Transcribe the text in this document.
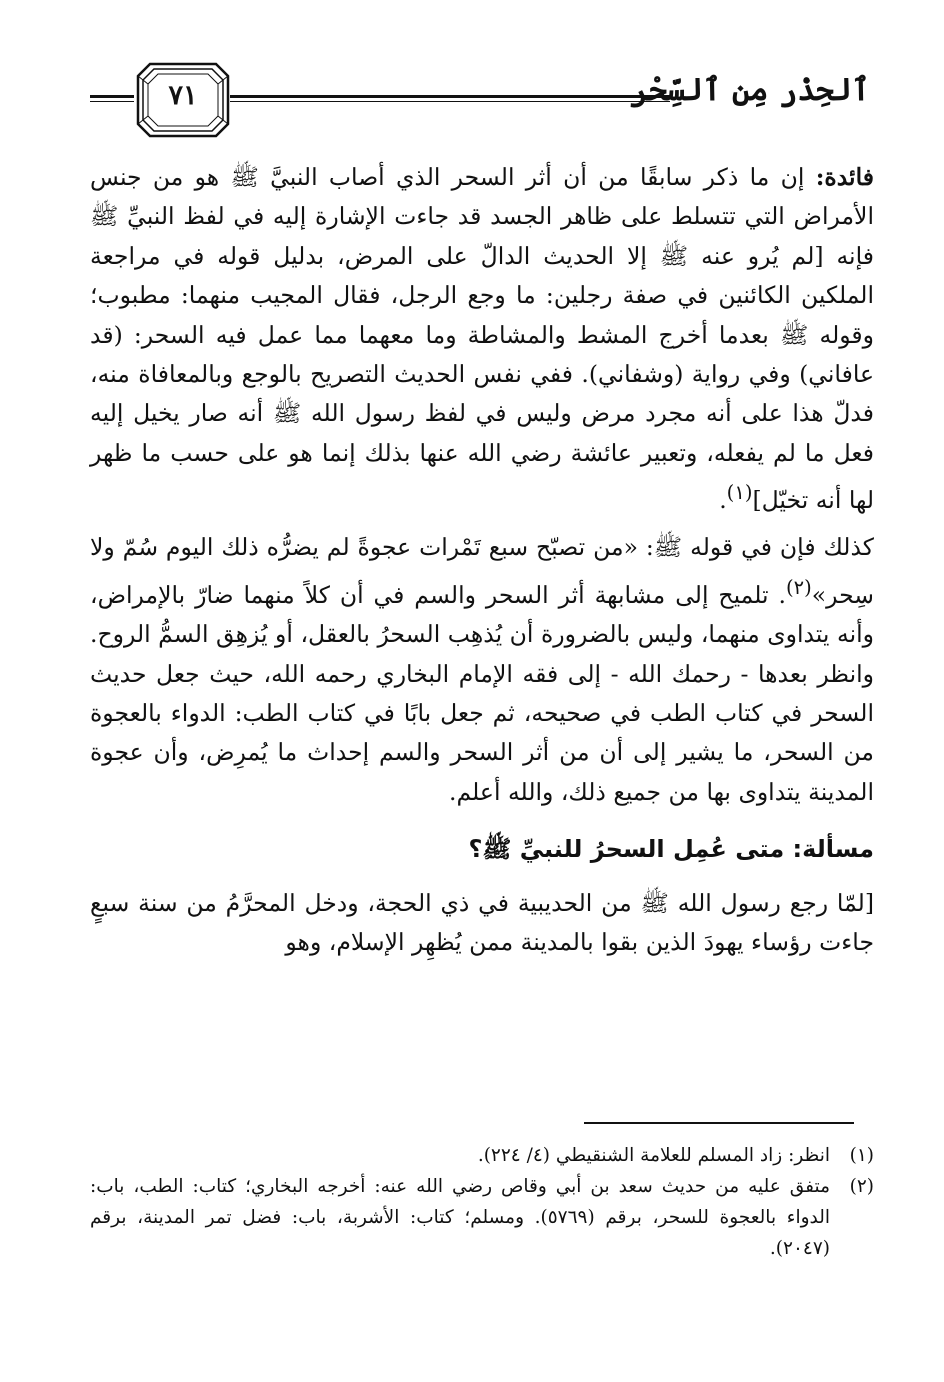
ٱلحِذْر مِن ٱلسِّحْر
٧١

فائدة: إن ما ذكر سابقًا من أن أثر السحر الذي أصاب النبيَّ ﷺ هو من جنس الأمراض التي تتسلط على ظاهر الجسد قد جاءت الإشارة إليه في لفظ النبيِّ ﷺ فإنه [لم يُرو عنه ﷺ إلا الحديث الدالّ على المرض، بدليل قوله في مراجعة الملكين الكائنين في صفة رجلين: ما وجع الرجل، فقال المجيب منهما: مطبوب؛ وقوله ﷺ بعدما أخرج المشط والمشاطة وما معهما مما عمل فيه السحر: (قد عافاني) وفي رواية (وشفاني). ففي نفس الحديث التصريح بالوجع وبالمعافاة منه، فدلّ هذا على أنه مجرد مرض وليس في لفظ رسول الله ﷺ أنه صار يخيل إليه فعل ما لم يفعله، وتعبير عائشة رضي الله عنها بذلك إنما هو على حسب ما ظهر لها أنه تخيّل]$^{(١)}$.

كذلك فإن في قوله ﷺ: «من تصبّح سبع تَمْرات عجوةً لم يضرُّه ذلك اليوم سُمّ ولا سِحر»$^{(٢)}$. تلميح إلى مشابهة أثر السحر والسم في أن كلاً منهما ضارّ بالإمراض، وأنه يتداوى منهما، وليس بالضرورة أن يُذهِب السحرُ بالعقل، أو يُزهِق السمُّ الروح. وانظر بعدها - رحمك الله - إلى فقه الإمام البخاري رحمه الله، حيث جعل حديث السحر في كتاب الطب في صحيحه، ثم جعل بابًا في كتاب الطب: الدواء بالعجوة من السحر، ما يشير إلى أن من أثر السحر والسم إحداث ما يُمرِض، وأن عجوة المدينة يتداوى بها من جميع ذلك، والله أعلم.

مسألة: متى عُمِل السحرُ للنبيِّ ﷺ؟

[لمّا رجع رسول الله ﷺ من الحديبية في ذي الحجة، ودخل المحرَّمُ من سنة سبعٍ جاءت رؤساء يهودَ الذين بقوا بالمدينة ممن يُظهِر الإسلام، وهو

(١)
انظر: زاد المسلم للعلامة الشنقيطي (٤/ ٢٢٤).

(٢)
متفق عليه من حديث سعد بن أبي وقاص رضي الله عنه: أخرجه البخاري؛ كتاب: الطب، باب: الدواء بالعجوة للسحر، برقم (٥٧٦٩). ومسلم؛ كتاب: الأشربة، باب: فضل تمر المدينة، برقم (٢٠٤٧).
